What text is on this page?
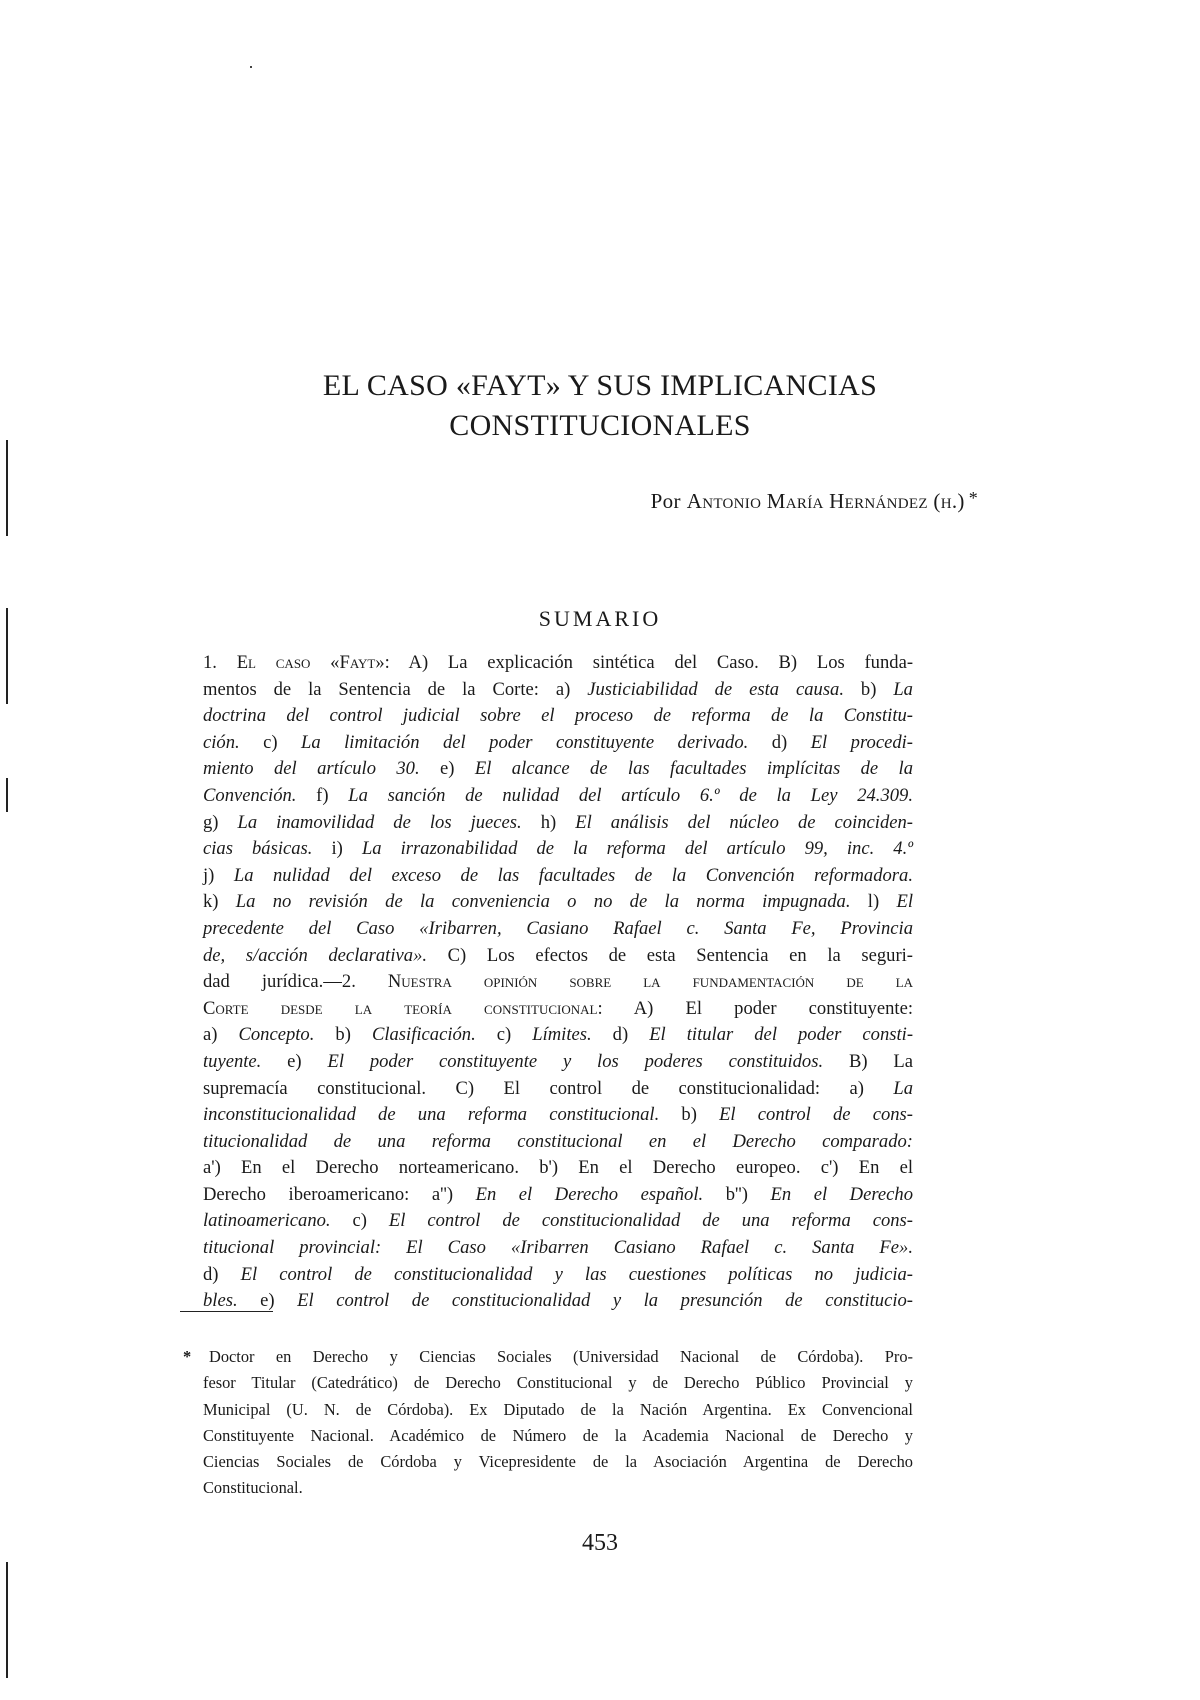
EL CASO «FAYT» Y SUS IMPLICANCIAS
CONSTITUCIONALES
Por Antonio María Hernández (h.) *
SUMARIO
1. El caso «Fayt»: A) La explicación sintética del Caso. B) Los funda-
mentos de la Sentencia de la Corte: a) Justiciabilidad de esta causa. b) La
doctrina del control judicial sobre el proceso de reforma de la Constitu-
ción. c) La limitación del poder constituyente derivado. d) El procedi-
miento del artículo 30. e) El alcance de las facultades implícitas de la
Convención. f) La sanción de nulidad del artículo 6.º de la Ley 24.309.
g) La inamovilidad de los jueces. h) El análisis del núcleo de coinciden-
cias básicas. i) La irrazonabilidad de la reforma del artículo 99, inc. 4.º
j) La nulidad del exceso de las facultades de la Convención reformadora.
k) La no revisión de la conveniencia o no de la norma impugnada. l) El
precedente del Caso «Iribarren, Casiano Rafael c. Santa Fe, Provincia
de, s/acción declarativa». C) Los efectos de esta Sentencia en la seguri-
dad jurídica.—2. Nuestra opinión sobre la fundamentación de la
Corte desde la teoría constitucional: A) El poder constituyente:
a) Concepto. b) Clasificación. c) Límites. d) El titular del poder consti-
tuyente. e) El poder constituyente y los poderes constituidos. B) La
supremacía constitucional. C) El control de constitucionalidad: a) La
inconstitucionalidad de una reforma constitucional. b) El control de cons-
titucionalidad de una reforma constitucional en el Derecho comparado:
a') En el Derecho norteamericano. b') En el Derecho europeo. c') En el
Derecho iberoamericano: a'') En el Derecho español. b'') En el Derecho
latinoamericano. c) El control de constitucionalidad de una reforma cons-
titucional provincial: El Caso «Iribarren Casiano Rafael c. Santa Fe».
d) El control de constitucionalidad y las cuestiones políticas no judicia-
bles. e) El control de constitucionalidad y la presunción de constitucio-
* Doctor en Derecho y Ciencias Sociales (Universidad Nacional de Córdoba). Pro-
fesor Titular (Catedrático) de Derecho Constitucional y de Derecho Público Provincial y
Municipal (U. N. de Córdoba). Ex Diputado de la Nación Argentina. Ex Convencional
Constituyente Nacional. Académico de Número de la Academia Nacional de Derecho y
Ciencias Sociales de Córdoba y Vicepresidente de la Asociación Argentina de Derecho
Constitucional.
453
